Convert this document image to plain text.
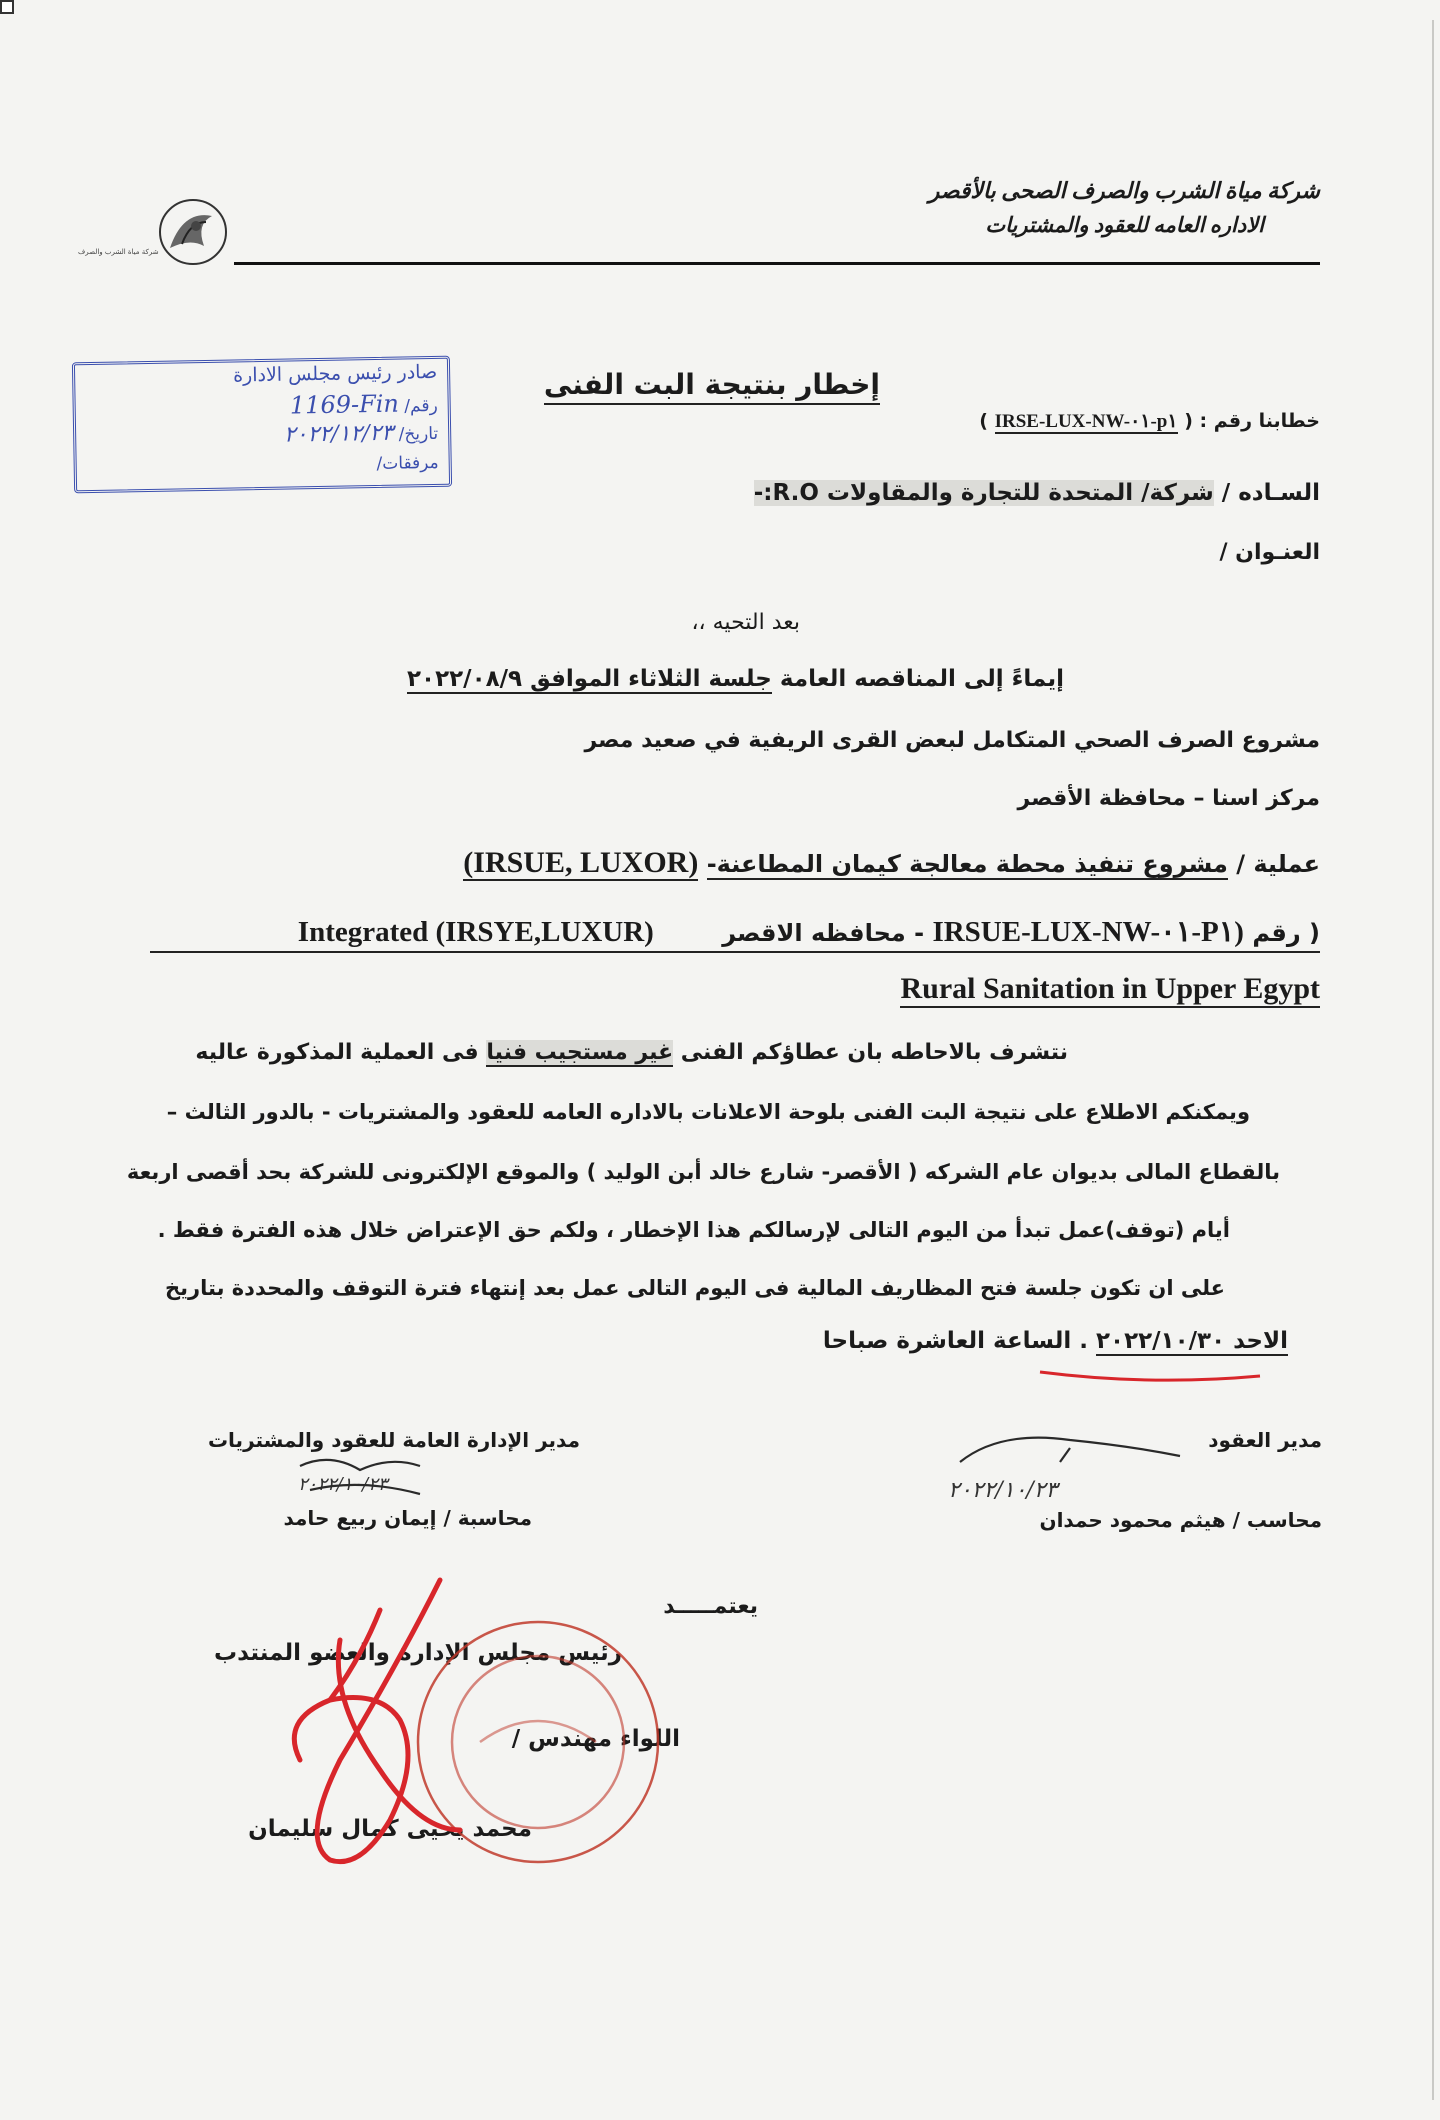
شركة مياة الشرب والصرف الصحى بالأقصر
الاداره العامه للعقود والمشتريات
شركة مياة الشرب والصرف
صادر رئيس مجلس الادارة
رقم/ 1169-Fin
تاريخ/ ٢٠٢٢/١٢/٢٣
مرفقات/
إخطار بنتيجة البت الفنى
خطابنا رقم : ( IRSE-LUX-NW-٠١-p١ )
السـاده / شركة/ المتحدة للتجارة والمقاولات R.O:-
العنـوان /
بعد التحيه ،،
إيماءً إلى المناقصه العامة جلسة الثلاثاء الموافق ٢٠٢٢/٠٨/٩
مشروع الصرف الصحي المتكامل لبعض القرى الريفية في صعيد مصر
مركز اسنا – محافظة الأقصر
عملية / مشروع تنفيذ محطة معالجة كيمان المطاعنة- (IRSUE, LUXOR)
( رقم IRSUE-LUX-NW-٠١-P١) - محافظه الاقصر Integrated (IRSYE,LUXUR)
Rural Sanitation in Upper Egypt
نتشرف بالاحاطه بان عطاؤكم الفنى غير مستجيب فنيا فى العملية المذكورة عاليه
ويمكنكم الاطلاع على نتيجة البت الفنى بلوحة الاعلانات بالاداره العامه للعقود والمشتريات - بالدور الثالث –
بالقطاع المالى بديوان عام الشركه ( الأقصر- شارع خالد أبن الوليد ) والموقع الإلكترونى للشركة بحد أقصى اربعة
أيام (توقف)عمل تبدأ من اليوم التالى لإرسالكم هذا الإخطار ، ولكم حق الإعتراض خلال هذه الفترة فقط .
على ان تكون جلسة فتح المظاريف المالية فى اليوم التالى عمل بعد إنتهاء فترة التوقف والمحددة بتاريخ
الاحد ٢٠٢٢/١٠/٣٠ . الساعة العاشرة صباحا
مدير العقود
محاسب / هيثم محمود حمدان
٢٠٢٢/١٠/٢٣
مدير الإدارة العامة للعقود والمشتريات
محاسبة / إيمان ربيع حامد
٢٠٢٢/١٠/٢٣
يعتمـــــد
رئيس مجلس الإدارة والعضو المنتدب
اللواء مهندس /
محمد يحيى كمال سليمان
